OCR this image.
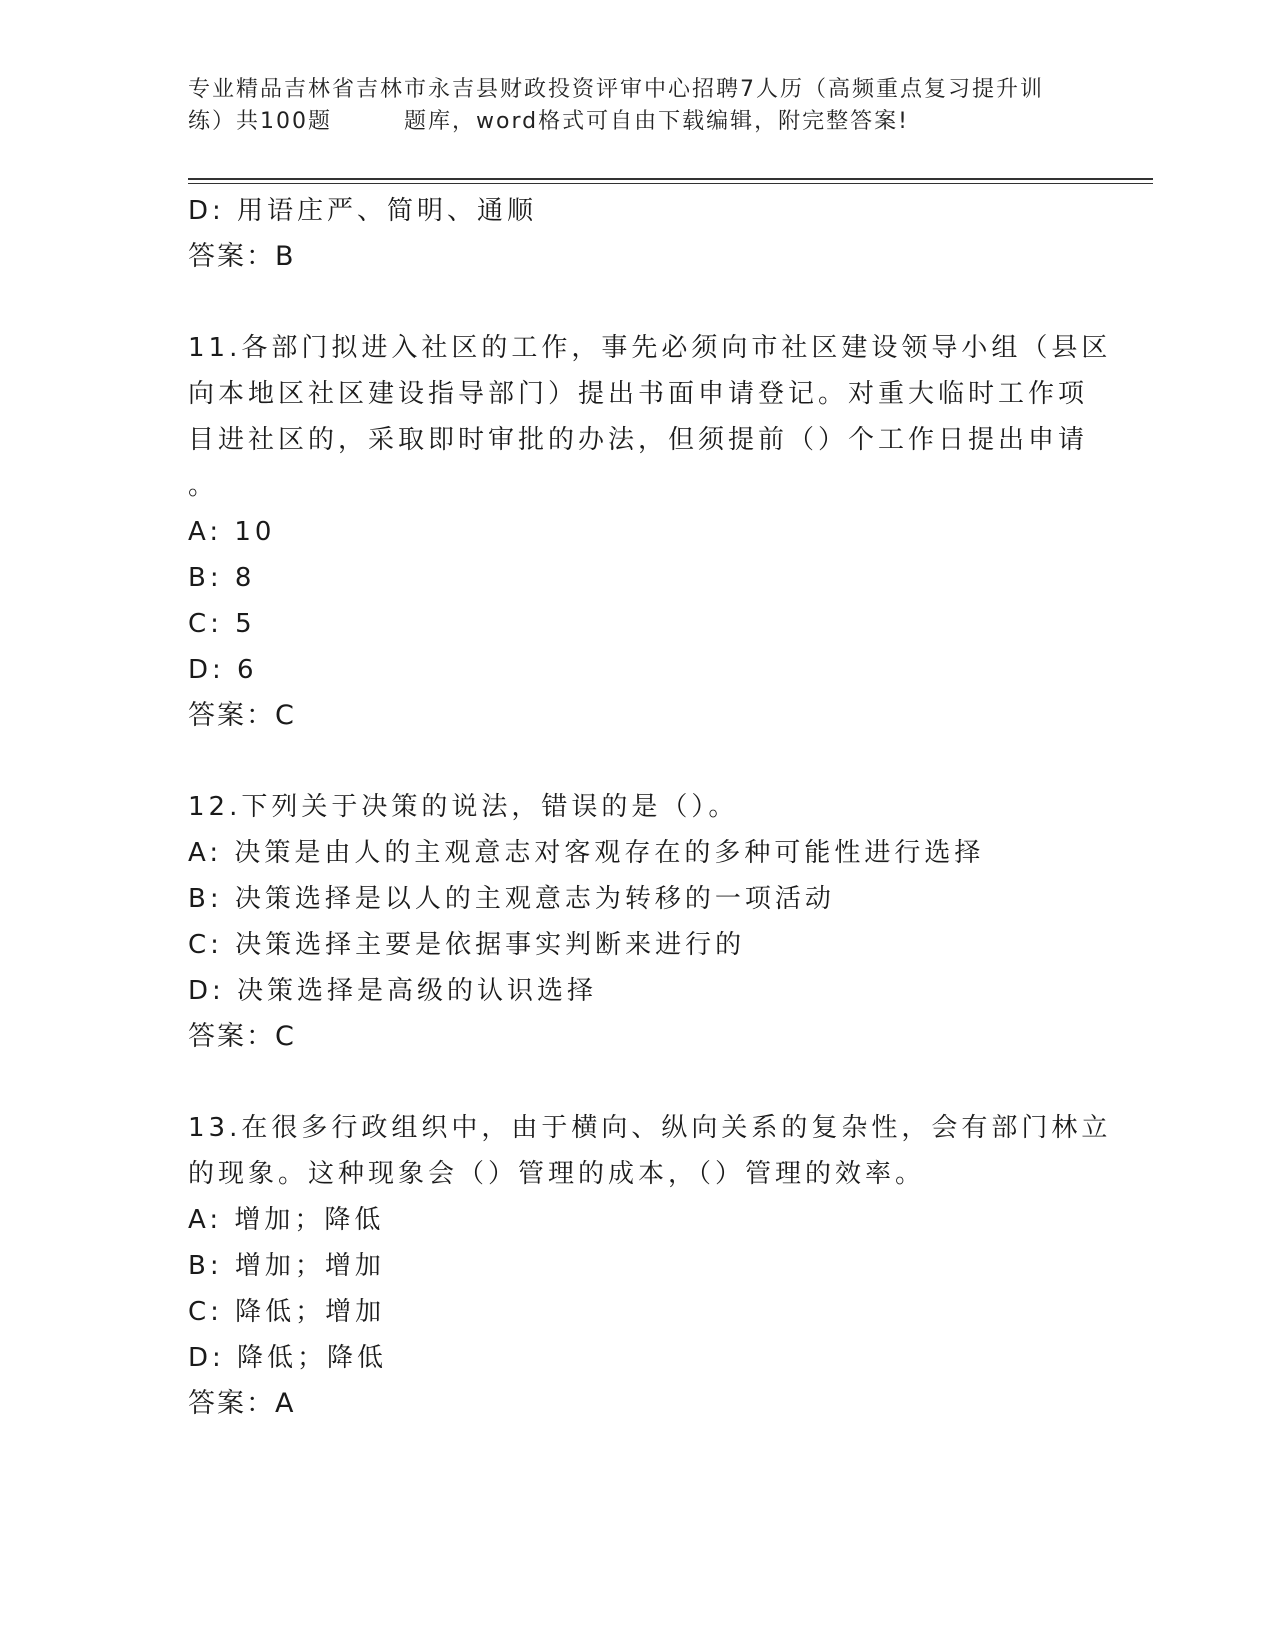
专业精品吉林省吉林市永吉县财政投资评审中心招聘7人历（高频重点复习提升训
练）共100题　　　题库，word格式可自由下载编辑，附完整答案!
D: 用语庄严、简明、通顺
答案：B
11.各部门拟进入社区的工作，事先必须向市社区建设领导小组（县区
向本地区社区建设指导部门）提出书面申请登记。对重大临时工作项
目进社区的，采取即时审批的办法，但须提前（）个工作日提出申请
。
A: 10
B: 8
C: 5
D: 6
答案：C
12.下列关于决策的说法，错误的是（）。
A: 决策是由人的主观意志对客观存在的多种可能性进行选择
B: 决策选择是以人的主观意志为转移的一项活动
C: 决策选择主要是依据事实判断来进行的
D: 决策选择是高级的认识选择
答案：C
13.在很多行政组织中，由于横向、纵向关系的复杂性，会有部门林立
的现象。这种现象会（）管理的成本，（）管理的效率。
A: 增加；降低
B: 增加；增加
C: 降低；增加
D: 降低；降低
答案：A
